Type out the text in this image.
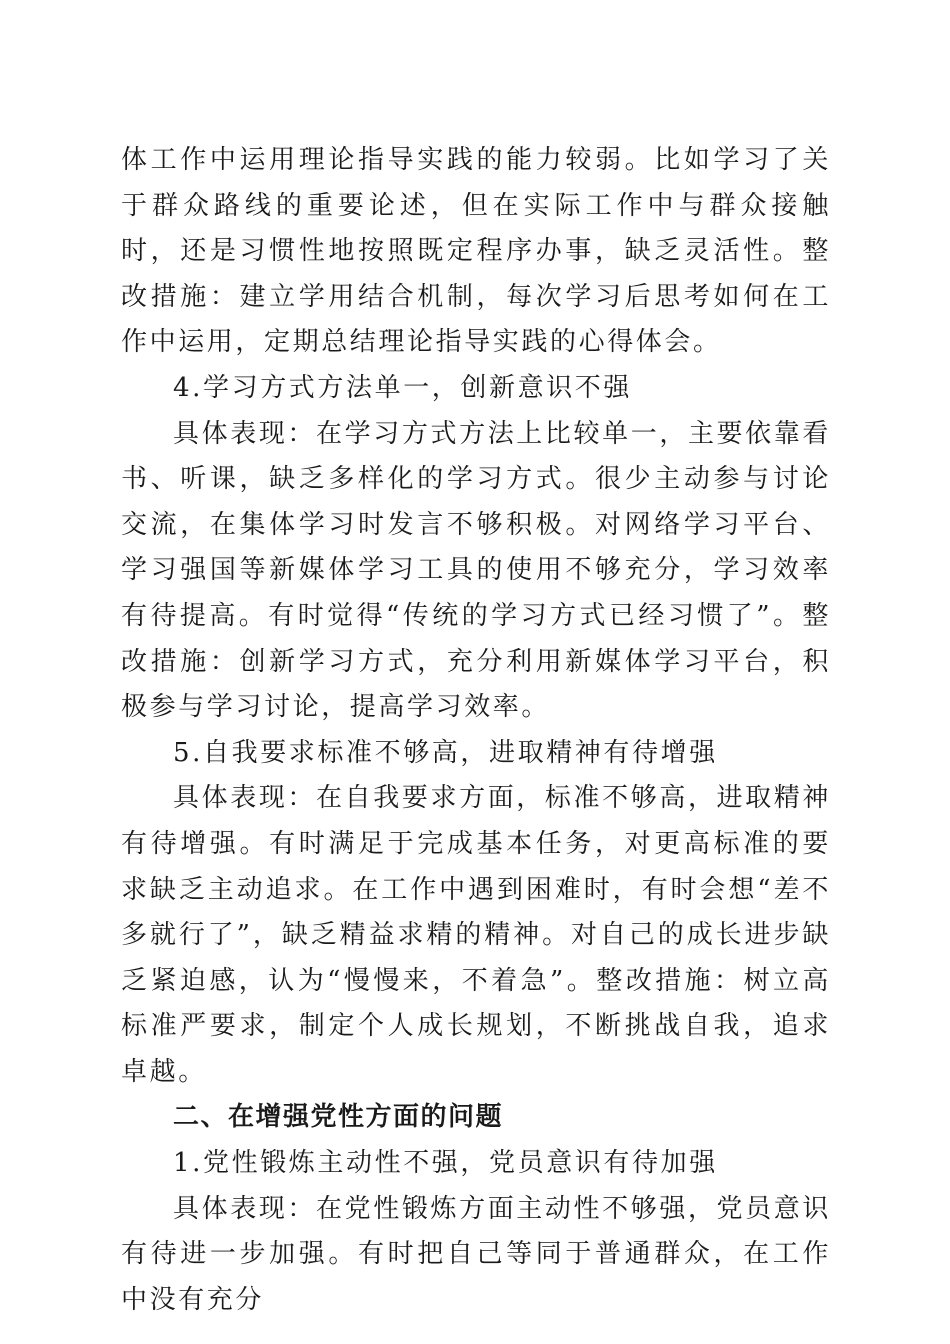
体工作中运用理论指导实践的能力较弱。比如学习了关于群众路线的重要论述，但在实际工作中与群众接触时，还是习惯性地按照既定程序办事，缺乏灵活性。整改措施：建立学用结合机制，每次学习后思考如何在工作中运用，定期总结理论指导实践的心得体会。

4.学习方式方法单一，创新意识不强

具体表现：在学习方式方法上比较单一，主要依靠看书、听课，缺乏多样化的学习方式。很少主动参与讨论交流，在集体学习时发言不够积极。对网络学习平台、学习强国等新媒体学习工具的使用不够充分，学习效率有待提高。有时觉得“传统的学习方式已经习惯了”。整改措施：创新学习方式，充分利用新媒体学习平台，积极参与学习讨论，提高学习效率。

5.自我要求标准不够高，进取精神有待增强

具体表现：在自我要求方面，标准不够高，进取精神有待增强。有时满足于完成基本任务，对更高标准的要求缺乏主动追求。在工作中遇到困难时，有时会想“差不多就行了”，缺乏精益求精的精神。对自己的成长进步缺乏紧迫感，认为“慢慢来，不着急”。整改措施：树立高标准严要求，制定个人成长规划，不断挑战自我，追求卓越。

二、在增强党性方面的问题

1.党性锻炼主动性不强，党员意识有待加强

具体表现：在党性锻炼方面主动性不够强，党员意识有待进一步加强。有时把自己等同于普通群众，在工作中没有充分
